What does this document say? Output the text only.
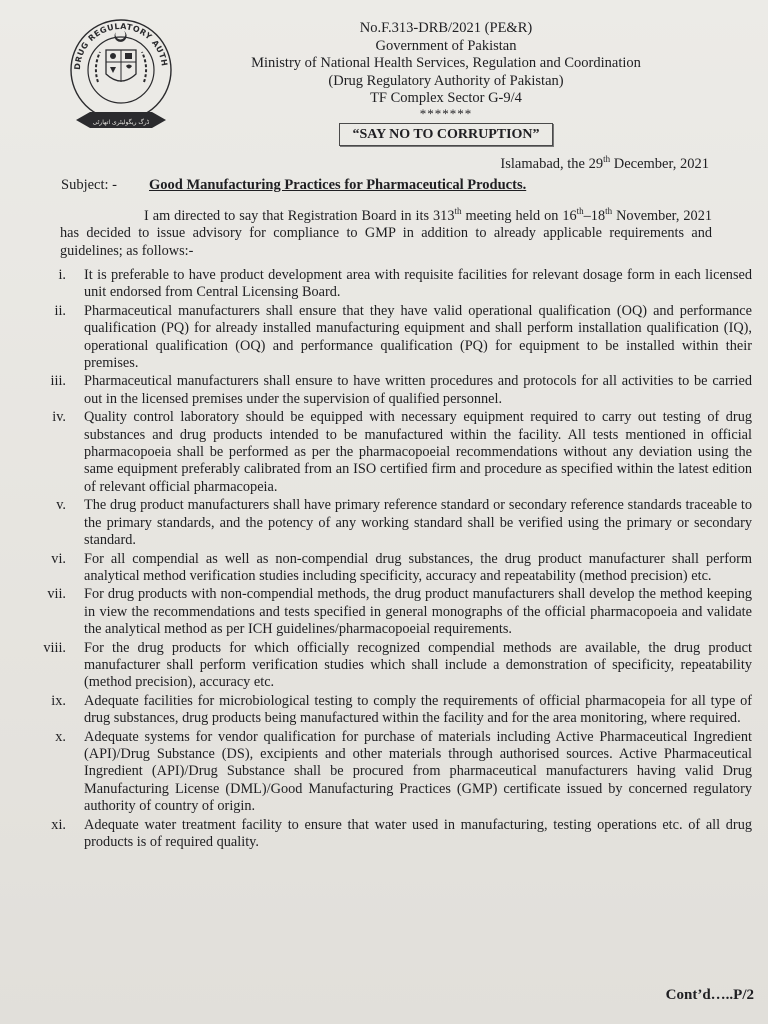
DRUG REGULATORY AUTH
ڈرگ ریگولیٹری اتھارٹی
No.F.313-DRB/2021 (PE&R)
Government of Pakistan
Ministry of National Health Services, Regulation and Coordination
(Drug Regulatory Authority of Pakistan)
TF Complex Sector G-9/4
*******
“SAY NO TO CORRUPTION”
Islamabad, the 29th December, 2021
Subject: - Good Manufacturing Practices for Pharmaceutical Products.
I am directed to say that Registration Board in its 313th meeting held on 16th–18th November, 2021 has decided to issue advisory for compliance to GMP in addition to already applicable requirements and guidelines; as follows:-
i.	It is preferable to have product development area with requisite facilities for relevant dosage form in each licensed unit endorsed from Central Licensing Board.
ii.	Pharmaceutical manufacturers shall ensure that they have valid operational qualification (OQ) and performance qualification (PQ) for already installed manufacturing equipment and shall perform installation qualification (IQ), operational qualification (OQ) and performance qualification (PQ) for equipment to be installed within their premises.
iii.	Pharmaceutical manufacturers shall ensure to have written procedures and protocols for all activities to be carried out in the licensed premises under the supervision of qualified personnel.
iv.	Quality control laboratory should be equipped with necessary equipment required to carry out testing of drug substances and drug products intended to be manufactured within the facility. All tests mentioned in official pharmacopoeia shall be performed as per the pharmacopoeial recommendations without any deviation using the same equipment preferably calibrated from an ISO certified firm and procedure as specified within the latest edition of relevant official pharmacopeia.
v.	The drug product manufacturers shall have primary reference standard or secondary reference standards traceable to the primary standards, and the potency of any working standard shall be verified using the primary or secondary standard.
vi.	For all compendial as well as non-compendial drug substances, the drug product manufacturer shall perform analytical method verification studies including specificity, accuracy and repeatability (method precision) etc.
vii.	For drug products with non-compendial methods, the drug product manufacturers shall develop the method keeping in view the recommendations and tests specified in general monographs of the official pharmacopoeia and validate the analytical method as per ICH guidelines/pharmacopoeial requirements.
viii.	For the drug products for which officially recognized compendial methods are available, the drug product manufacturer shall perform verification studies which shall include a demonstration of specificity, repeatability (method precision), accuracy etc.
ix.	Adequate facilities for microbiological testing to comply the requirements of official pharmacopeia for all type of drug substances, drug products being manufactured within the facility and for the area monitoring, where required.
x.	Adequate systems for vendor qualification for purchase of materials including Active Pharmaceutical Ingredient (API)/Drug Substance (DS), excipients and other materials through authorised sources. Active Pharmaceutical Ingredient (API)/Drug Substance shall be procured from pharmaceutical manufacturers having valid Drug Manufacturing License (DML)/Good Manufacturing Practices (GMP) certificate issued by concerned regulatory authority of country of origin.
xi.	Adequate water treatment facility to ensure that water used in manufacturing, testing operations etc. of all drug products is of required quality.
Cont’d…..P/2
